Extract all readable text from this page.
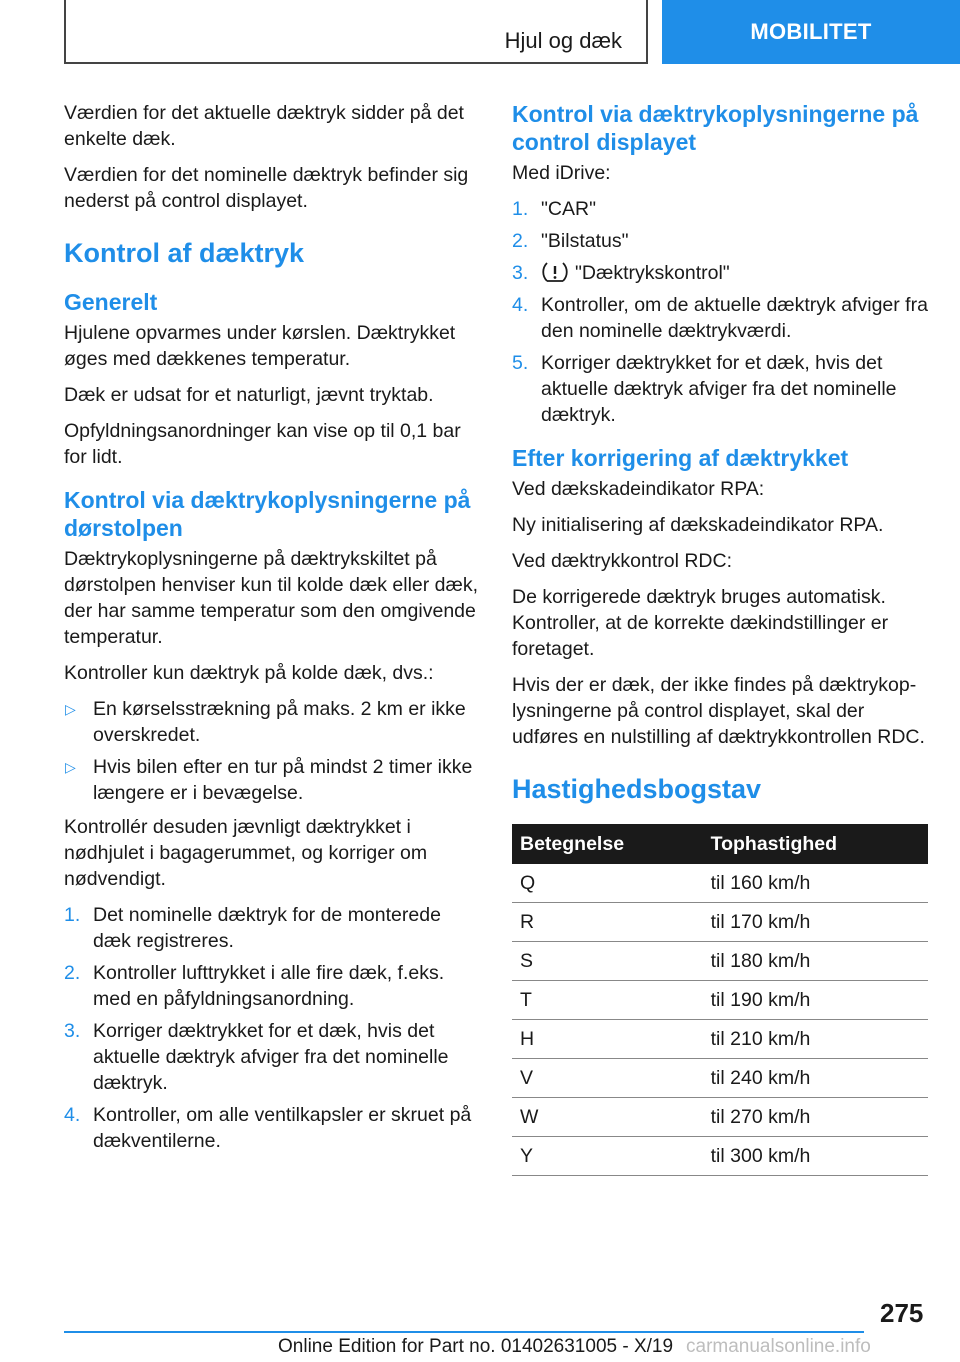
Hjul og dæk	MOBILITET

Værdien for det aktuelle dæktryk sidder på det enkelte dæk.

Værdien for det nominelle dæktryk befinder sig nederst på control displayet.

Kontrol af dæktryk
Generelt

Hjulene opvarmes under kørslen. Dæktrykket øges med dækkenes temperatur.

Dæk er udsat for et naturligt, jævnt tryktab.

Opfyldningsanordninger kan vise op til 0,1 bar for lidt.

Kontrol via dæktrykoplysningerne på dørstolpen

Dæktrykoplysningerne på dæktrykskiltet på dørstolpen henviser kun til kolde dæk eller dæk, der har samme temperatur som den omgivende temperatur.

Kontroller kun dæktryk på kolde dæk, dvs.:

▷ En kørselsstrækning på maks. 2 km er ikke overskredet.
▷ Hvis bilen efter en tur på mindst 2 timer ikke længere er i bevægelse.

Kontrollér desuden jævnligt dæktrykket i nødhjulet i bagagerummet, og korriger om nødvendigt.

1. Det nominelle dæktryk for de monterede dæk registreres.
2. Kontroller lufttrykket i alle fire dæk, f.eks. med en påfyldningsanordning.
3. Korriger dæktrykket for et dæk, hvis det aktuelle dæktryk afviger fra det nominelle dæktryk.
4. Kontroller, om alle ventilkapsler er skruet på dækventilerne.
Kontrol via dæktrykoplysningerne på control displayet

Med iDrive:

1. "CAR"
2. "Bilstatus"
3. "Dæktrykskontrol"
4. Kontroller, om de aktuelle dæktryk afviger fra den nominelle dæktrykværdi.
5. Korriger dæktrykket for et dæk, hvis det aktuelle dæktryk afviger fra det nominelle dæktryk.
Efter korrigering af dæktrykket

Ved dækskadeindikator RPA:

Ny initialisering af dækskadeindikator RPA.

Ved dæktrykkontrol RDC:

De korrigerede dæktryk bruges automatisk. Kontroller, at de korrekte dækindstillinger er foretaget.

Hvis der er dæk, der ikke findes på dæktrykoplysningerne på control displayet, skal der udføres en nulstilling af dæktrykkontrollen RDC.

Hastighedsbogstav
Betegnelse	Tophastighed
Q	til 160 km/h
R	til 170 km/h
S	til 180 km/h
T	til 190 km/h
H	til 210 km/h
V	til 240 km/h
W	til 270 km/h
Y	til 300 km/h
275
Online Edition for Part no. 01402631005 - X/19 carmanualsonline.info
